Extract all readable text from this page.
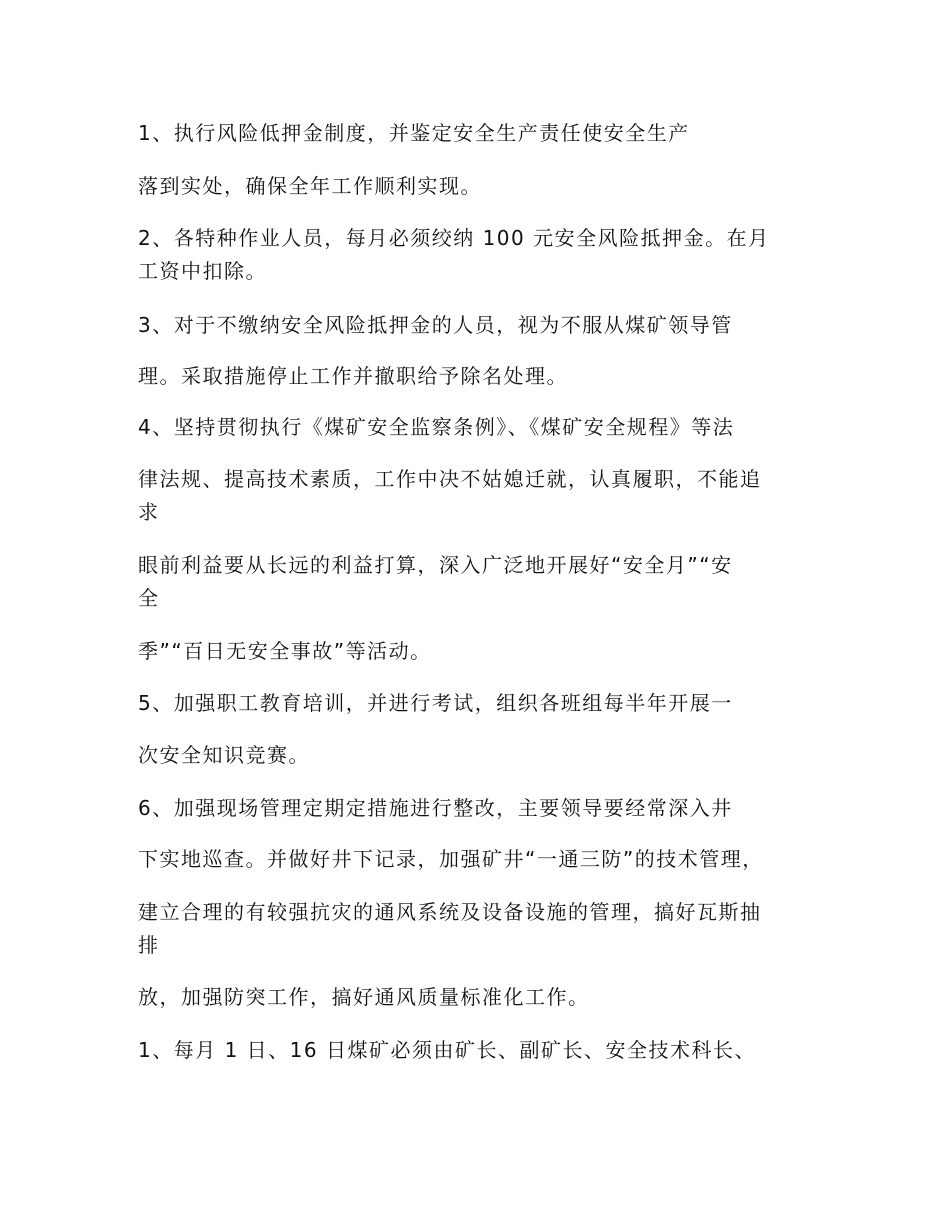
1、执行风险低押金制度，并鉴定安全生产责任使安全生产

落到实处，确保全年工作顺利实现。

2、各特种作业人员，每月必须绞纳 100 元安全风险抵押金。在月

工资中扣除。

3、对于不缴纳安全风险抵押金的人员，视为不服从煤矿领导管

理。采取措施停止工作并撤职给予除名处理。

4、坚持贯彻执行《煤矿安全监察条例》、《煤矿安全规程》等法

律法规、提高技术素质，工作中决不姑媳迁就，认真履职，不能追

求

眼前利益要从长远的利益打算，深入广泛地开展好“安全月”“安

全

季”“百日无安全事故”等活动。

5、加强职工教育培训，并进行考试，组织各班组每半年开展一

次安全知识竞赛。

6、加强现场管理定期定措施进行整改，主要领导要经常深入井

下实地巡查。并做好井下记录，加强矿井“一通三防”的技术管理，

建立合理的有较强抗灾的通风系统及设备设施的管理，搞好瓦斯抽

排

放，加强防突工作，搞好通风质量标准化工作。

1、每月 1 日、16 日煤矿必须由矿长、副矿长、安全技术科长、
